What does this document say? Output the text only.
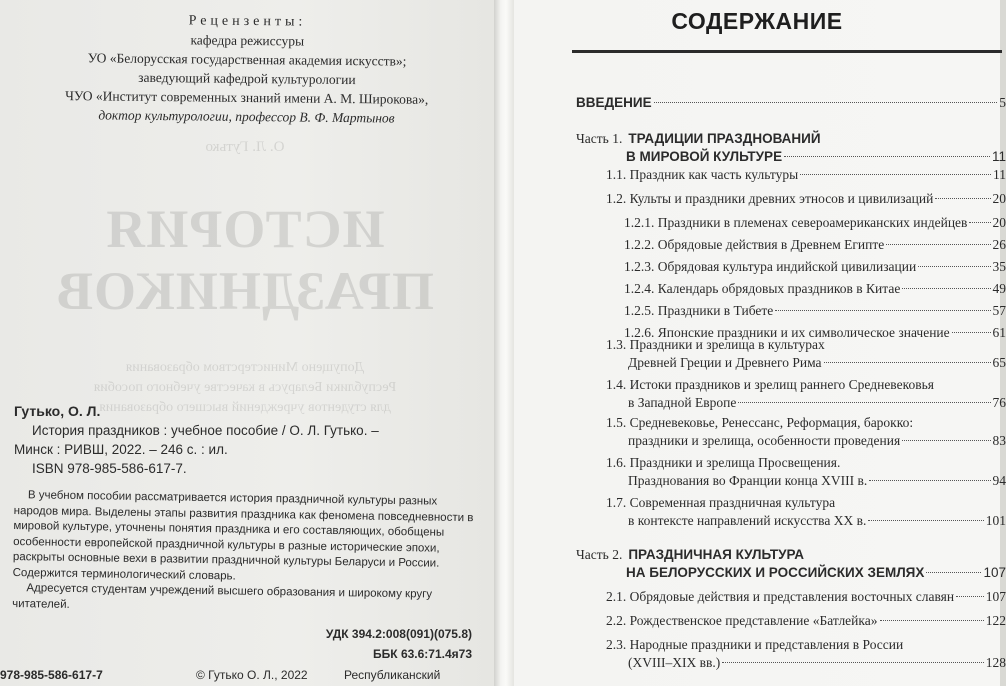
О. Л. Гутько
ИСТОРИЯ
ПРАЗДНИКОВ
Допущено Министерством образования
Республики Беларусь в качестве учебного пособия
для студентов учреждений высшего образования
Рецензенты:
кафедра режиссуры
УО «Белорусская государственная академия искусств»;
заведующий кафедрой культурологии
ЧУО «Институт современных знаний имени А. М. Широкова»,
доктор культурологии, профессор В. Ф. Мартынов
Гутько, О. Л.
История праздников : учебное пособие / О. Л. Гутько. –
Минск : РИВШ, 2022. – 246 с. : ил.
ISBN 978-985-586-617-7.

В учебном пособии рассматривается история праздничной культуры разных народов мира. Выделены этапы развития праздника как феномена повседневности в мировой культуре, уточнены понятия праздника и его составляющих, обобщены особенности европейской праздничной культуры в разные исторические эпохи, раскрыты основные вехи в развитии праздничной культуры Беларуси и России. Содержится терминологический словарь.

Адресуется студентам учреждений высшего образования и широкому кругу читателей.

УДК 394.2:008(091)(075.8)
ББК 63.6:71.4я73
978-985-586-617-7	© Гутько О. Л., 2022	Республиканский
СОДЕРЖАНИЕ
ВВЕДЕНИЕ	5
Часть 1. ТРАДИЦИИ ПРАЗДНОВАНИЙ
В МИРОВОЙ КУЛЬТУРЕ	11
1.1. Праздник как часть культуры	11
1.2. Культы и праздники древних этносов и цивилизаций	20
1.2.1. Праздники в племенах североамериканских индейцев 20
1.2.2. Обрядовые действия в Древнем Египте	26
1.2.3. Обрядовая культура индийской цивилизации	35
1.2.4. Календарь обрядовых праздников в Китае	49
1.2.5. Праздники в Тибете	57
1.2.6. Японские праздники и их символическое значение	61
1.3. Праздники и зрелища в культурах
Древней Греции и Древнего Рима	65
1.4. Истоки праздников и зрелищ раннего Средневековья
в Западной Европе	76
1.5. Средневековье, Ренессанс, Реформация, барокко:
праздники и зрелища, особенности проведения	83
1.6. Праздники и зрелища Просвещения.
Празднования во Франции конца XVIII в.	94
1.7. Современная праздничная культура
в контексте направлений искусства XX в.	101
Часть 2. ПРАЗДНИЧНАЯ КУЛЬТУРА
НА БЕЛОРУССКИХ И РОССИЙСКИХ ЗЕМЛЯХ	107
2.1. Обрядовые действия и представления восточных славян 107
2.2. Рождественское представление «Батлейка»	122
2.3. Народные праздники и представления в России
(XVIII–XIX вв.)	128
